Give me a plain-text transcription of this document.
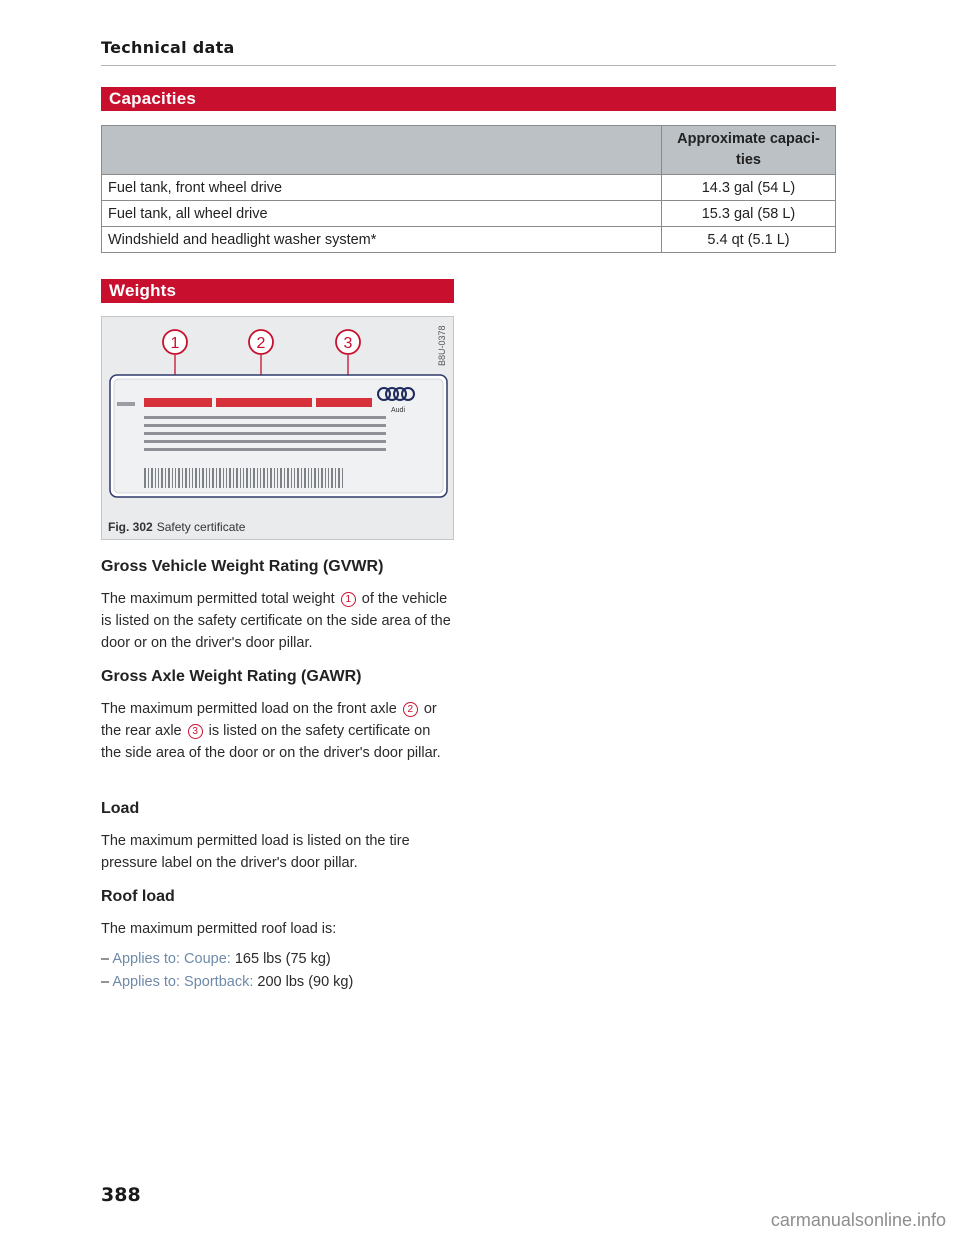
Technical data
Capacities
	Approximate capaci-
ties
Fuel tank, front wheel drive	14.3 gal (54 L)
Fuel tank, all wheel drive	15.3 gal (58 L)
Windshield and headlight washer system*	5.4 qt (5.1 L)
Weights
1	2	3
Audi
B8U-0378
Fig. 302 Safety certificate
Gross Vehicle Weight Rating (GVWR)
The maximum permitted total weight 1 of the vehicle is listed on the safety certificate on the side area of the door or on the driver's door pillar.
Gross Axle Weight Rating (GAWR)
The maximum permitted load on the front axle 2 or the rear axle 3 is listed on the safety certificate on the side area of the door or on the driver's door pillar.
Load
The maximum permitted load is listed on the tire pressure label on the driver's door pillar.
Roof load
The maximum permitted roof load is:
– Applies to: Coupe: 165 lbs (75 kg)
– Applies to: Sportback: 200 lbs (90 kg)
388
carmanualsonline.info
